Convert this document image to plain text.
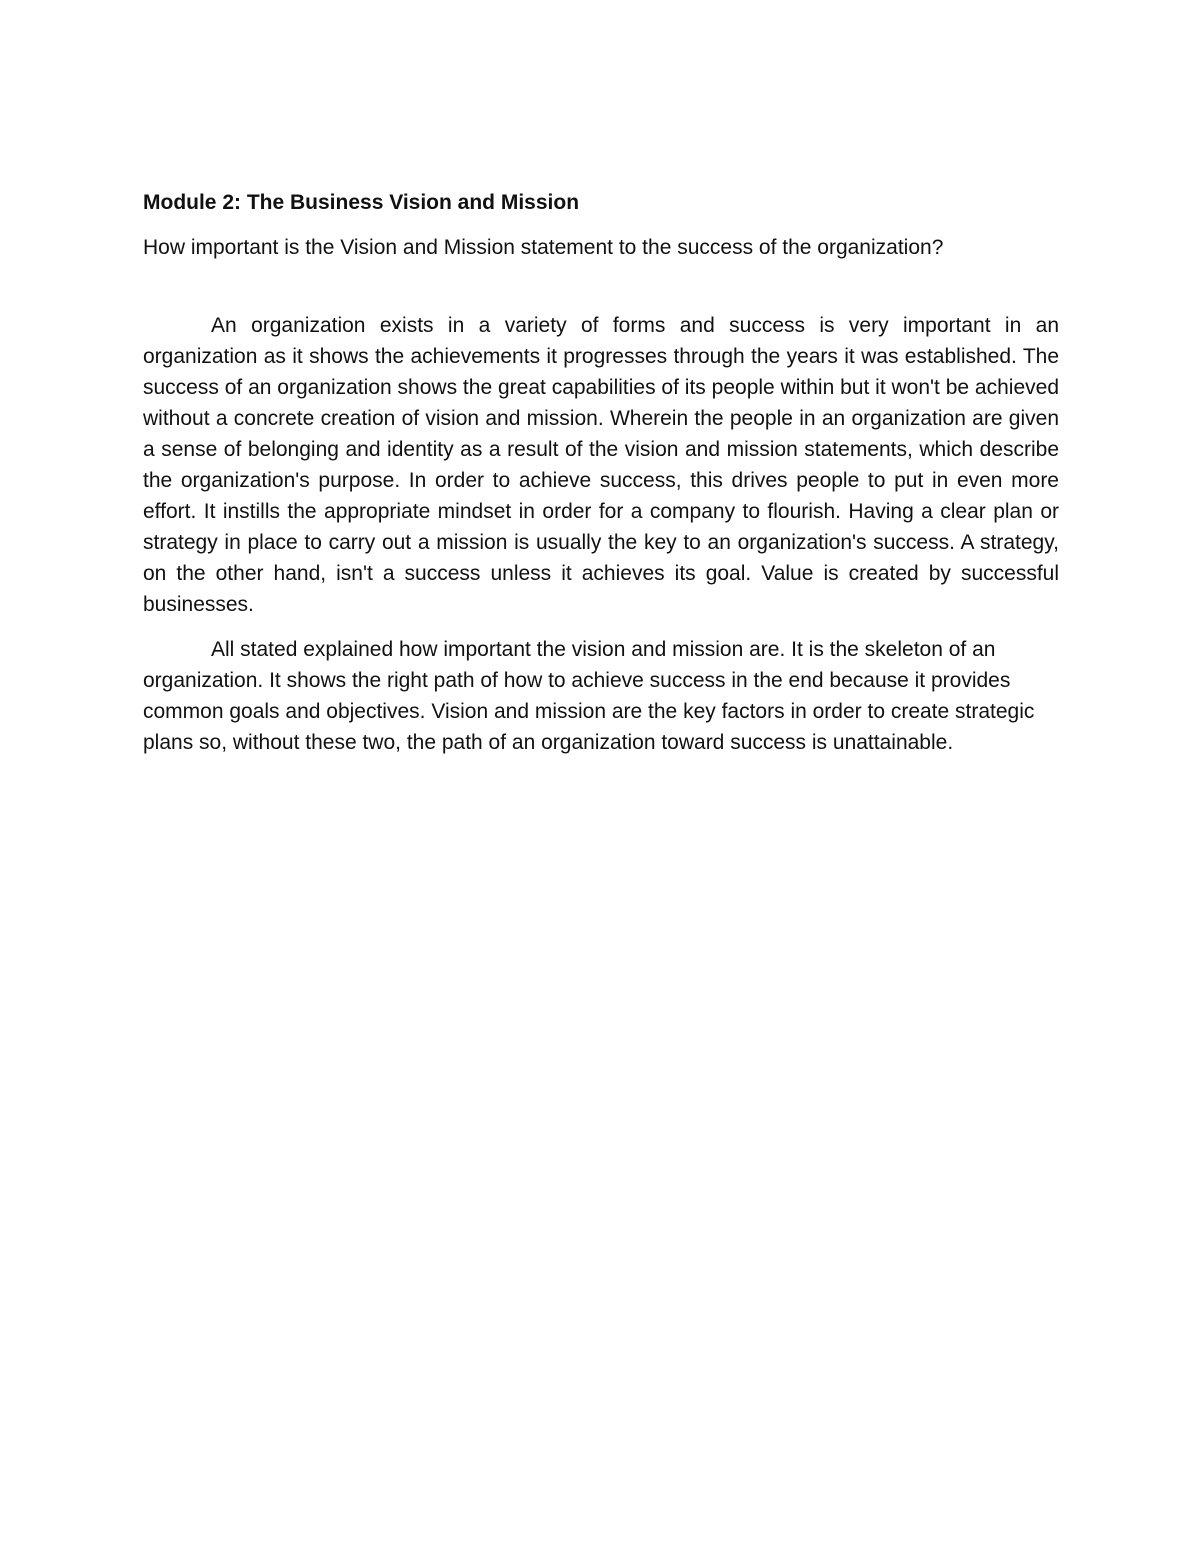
Module 2: The Business Vision and Mission

How important is the Vision and Mission statement to the success of the organization?

An organization exists in a variety of forms and success is very important in an organization as it shows the achievements it progresses through the years it was established. The success of an organization shows the great capabilities of its people within but it won't be achieved without a concrete creation of vision and mission. Wherein the people in an organization are given a sense of belonging and identity as a result of the vision and mission statements, which describe the organization's purpose. In order to achieve success, this drives people to put in even more effort. It instills the appropriate mindset in order for a company to flourish. Having a clear plan or strategy in place to carry out a mission is usually the key to an organization's success. A strategy, on the other hand, isn't a success unless it achieves its goal. Value is created by successful businesses.

All stated explained how important the vision and mission are. It is the skeleton of an organization. It shows the right path of how to achieve success in the end because it provides common goals and objectives. Vision and mission are the key factors in order to create strategic plans so, without these two, the path of an organization toward success is unattainable.
